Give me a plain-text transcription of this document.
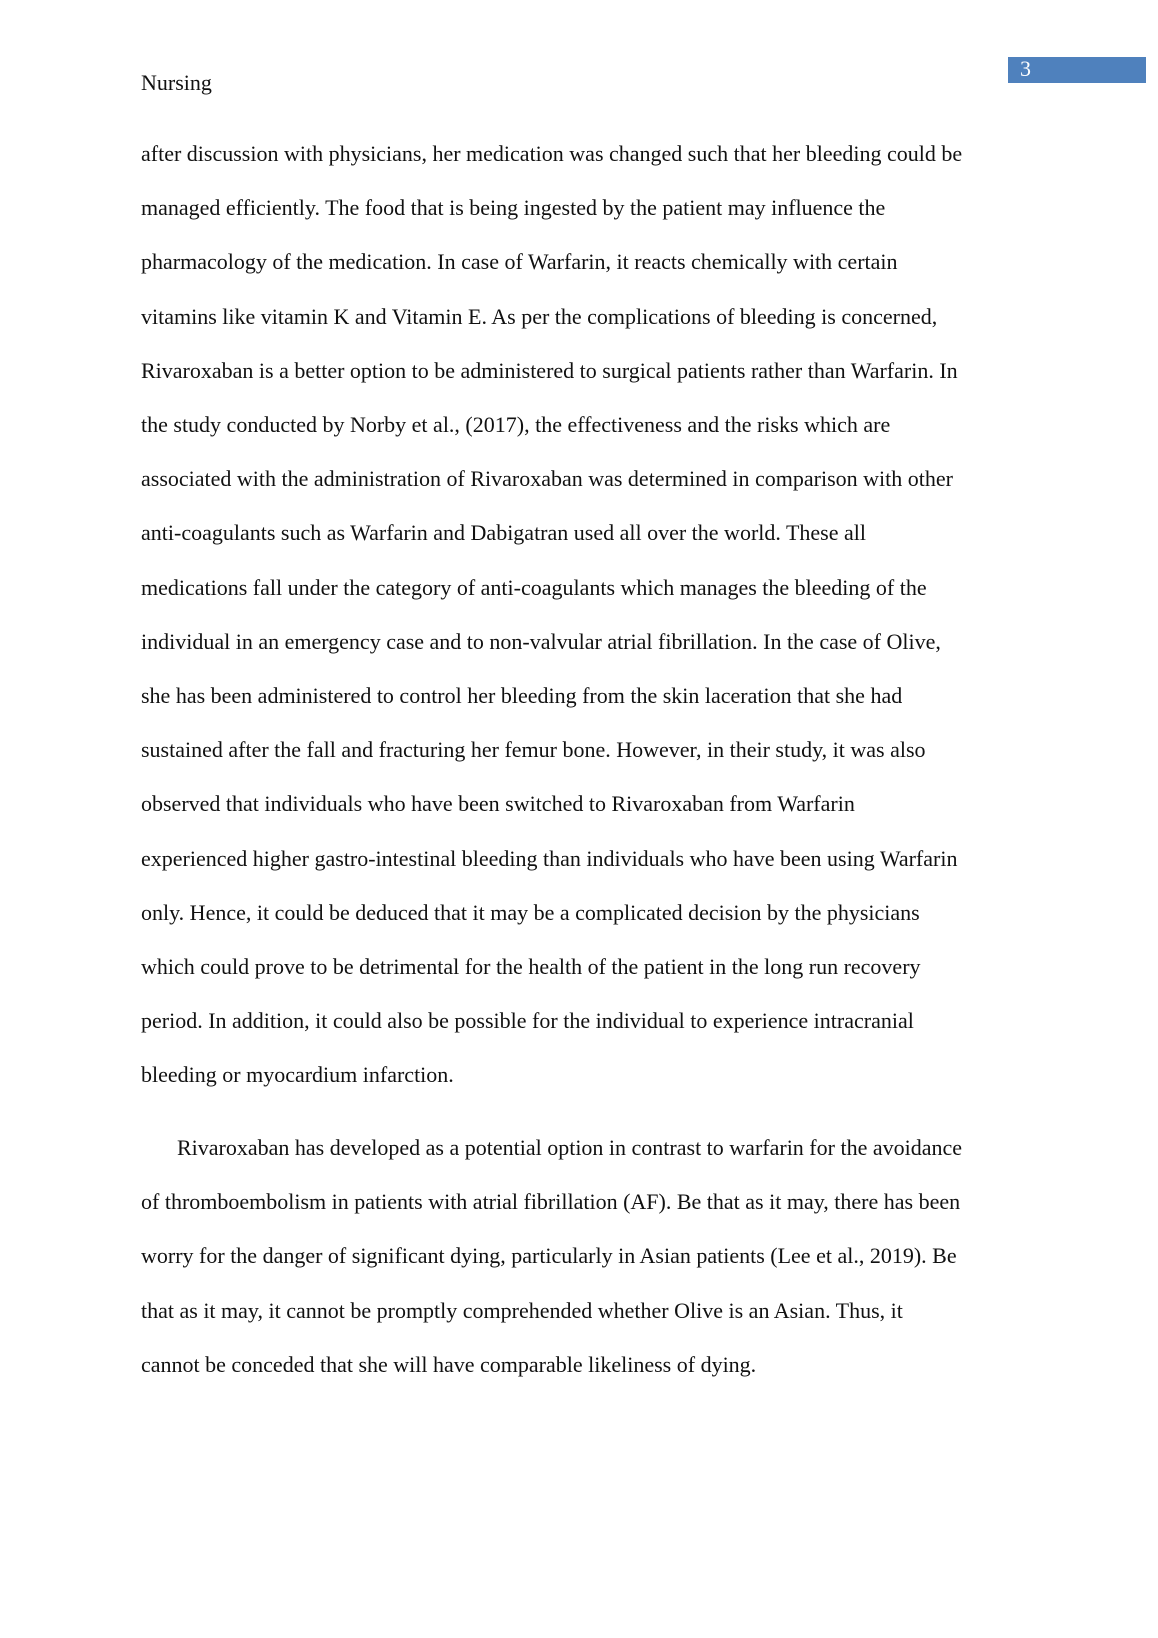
3
Nursing
after discussion with physicians, her medication was changed such that her bleeding could be
managed efficiently. The food that is being ingested by the patient may influence the
pharmacology of the medication. In case of Warfarin, it reacts chemically with certain
vitamins like vitamin K and Vitamin E. As per the complications of bleeding is concerned,
Rivaroxaban is a better option to be administered to surgical patients rather than Warfarin. In
the study conducted by Norby et al., (2017), the effectiveness and the risks which are
associated with the administration of Rivaroxaban was determined in comparison with other
anti-coagulants such as Warfarin and Dabigatran used all over the world. These all
medications fall under the category of anti-coagulants which manages the bleeding of the
individual in an emergency case and to non-valvular atrial fibrillation. In the case of Olive,
she has been administered to control her bleeding from the skin laceration that she had
sustained after the fall and fracturing her femur bone. However, in their study, it was also
observed that individuals who have been switched to Rivaroxaban from Warfarin
experienced higher gastro-intestinal bleeding than individuals who have been using Warfarin
only. Hence, it could be deduced that it may be a complicated decision by the physicians
which could prove to be detrimental for the health of the patient in the long run recovery
period. In addition, it could also be possible for the individual to experience intracranial
bleeding or myocardium infarction.
Rivaroxaban has developed as a potential option in contrast to warfarin for the avoidance
of thromboembolism in patients with atrial fibrillation (AF). Be that as it may, there has been
worry for the danger of significant dying, particularly in Asian patients (Lee et al., 2019). Be
that as it may, it cannot be promptly comprehended whether Olive is an Asian. Thus, it
cannot be conceded that she will have comparable likeliness of dying.
